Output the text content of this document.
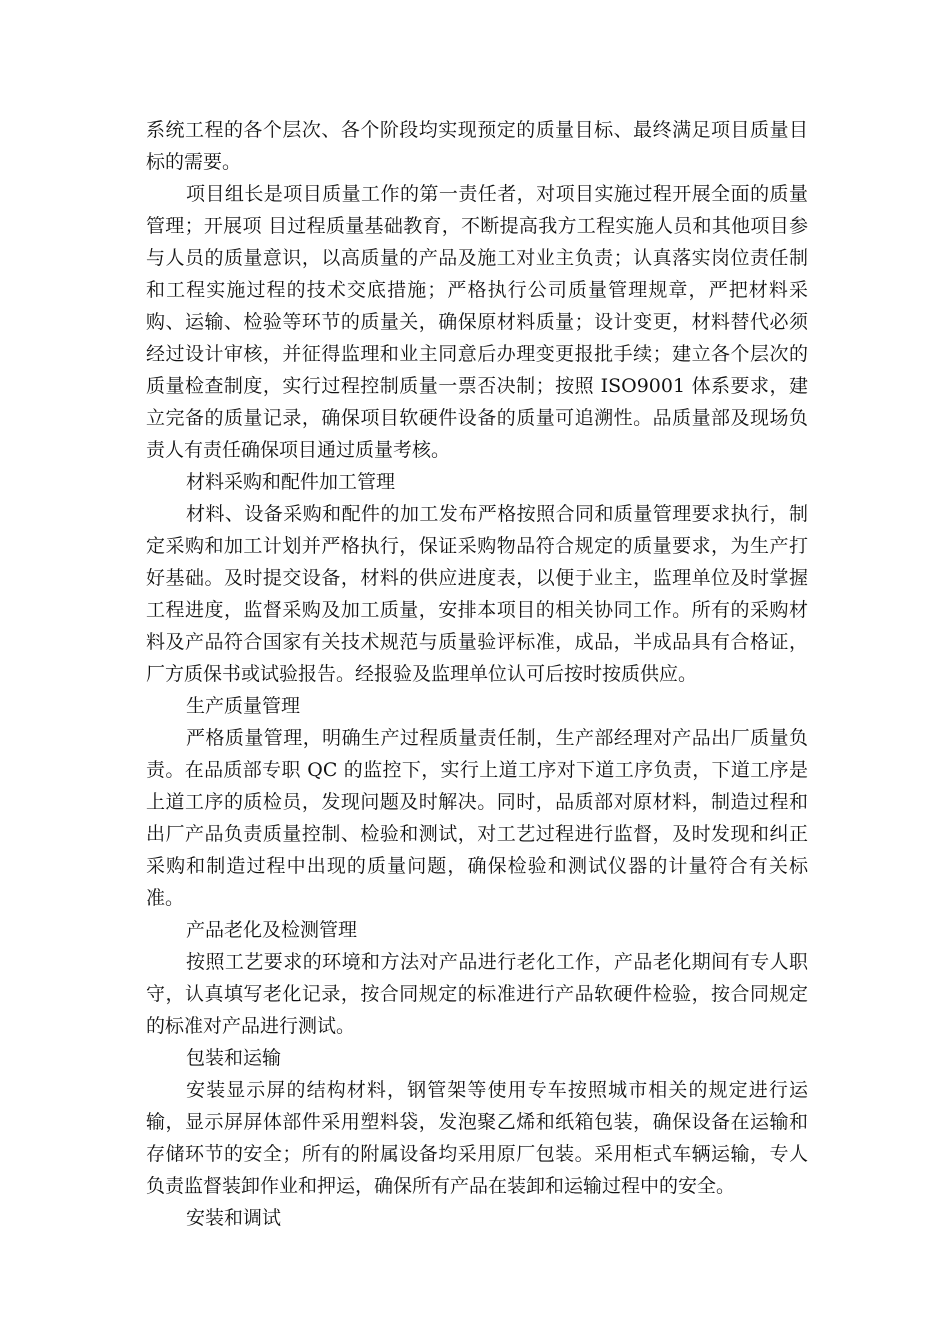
系统工程的各个层次、各个阶段均实现预定的质量目标、最终满足项目质量目标的需要。

项目组长是项目质量工作的第一责任者，对项目实施过程开展全面的质量管理；开展项 目过程质量基础教育，不断提高我方工程实施人员和其他项目参与人员的质量意识，以高质量的产品及施工对业主负责；认真落实岗位责任制和工程实施过程的技术交底措施；严格执行公司质量管理规章，严把材料采购、运输、检验等环节的质量关，确保原材料质量；设计变更，材料替代必须经过设计审核，并征得监理和业主同意后办理变更报批手续；建立各个层次的质量检查制度，实行过程控制质量一票否决制；按照 ISO9001 体系要求，建立完备的质量记录，确保项目软硬件设备的质量可追溯性。品质量部及现场负责人有责任确保项目通过质量考核。

材料采购和配件加工管理

材料、设备采购和配件的加工发布严格按照合同和质量管理要求执行，制定采购和加工计划并严格执行，保证采购物品符合规定的质量要求，为生产打好基础。及时提交设备，材料的供应进度表，以便于业主，监理单位及时掌握工程进度，监督采购及加工质量，安排本项目的相关协同工作。所有的采购材料及产品符合国家有关技术规范与质量验评标准，成品，半成品具有合格证，厂方质保书或试验报告。经报验及监理单位认可后按时按质供应。

生产质量管理

严格质量管理，明确生产过程质量责任制，生产部经理对产品出厂质量负责。在品质部专职 QC 的监控下，实行上道工序对下道工序负责，下道工序是上道工序的质检员，发现问题及时解决。同时，品质部对原材料，制造过程和出厂产品负责质量控制、检验和测试，对工艺过程进行监督，及时发现和纠正采购和制造过程中出现的质量问题，确保检验和测试仪器的计量符合有关标准。

产品老化及检测管理

按照工艺要求的环境和方法对产品进行老化工作，产品老化期间有专人职守，认真填写老化记录，按合同规定的标准进行产品软硬件检验，按合同规定的标准对产品进行测试。

包装和运输

安装显示屏的结构材料，钢管架等使用专车按照城市相关的规定进行运输，显示屏屏体部件采用塑料袋，发泡聚乙烯和纸箱包装，确保设备在运输和存储环节的安全；所有的附属设备均采用原厂包装。采用柜式车辆运输，专人负责监督装卸作业和押运，确保所有产品在装卸和运输过程中的安全。

安装和调试
